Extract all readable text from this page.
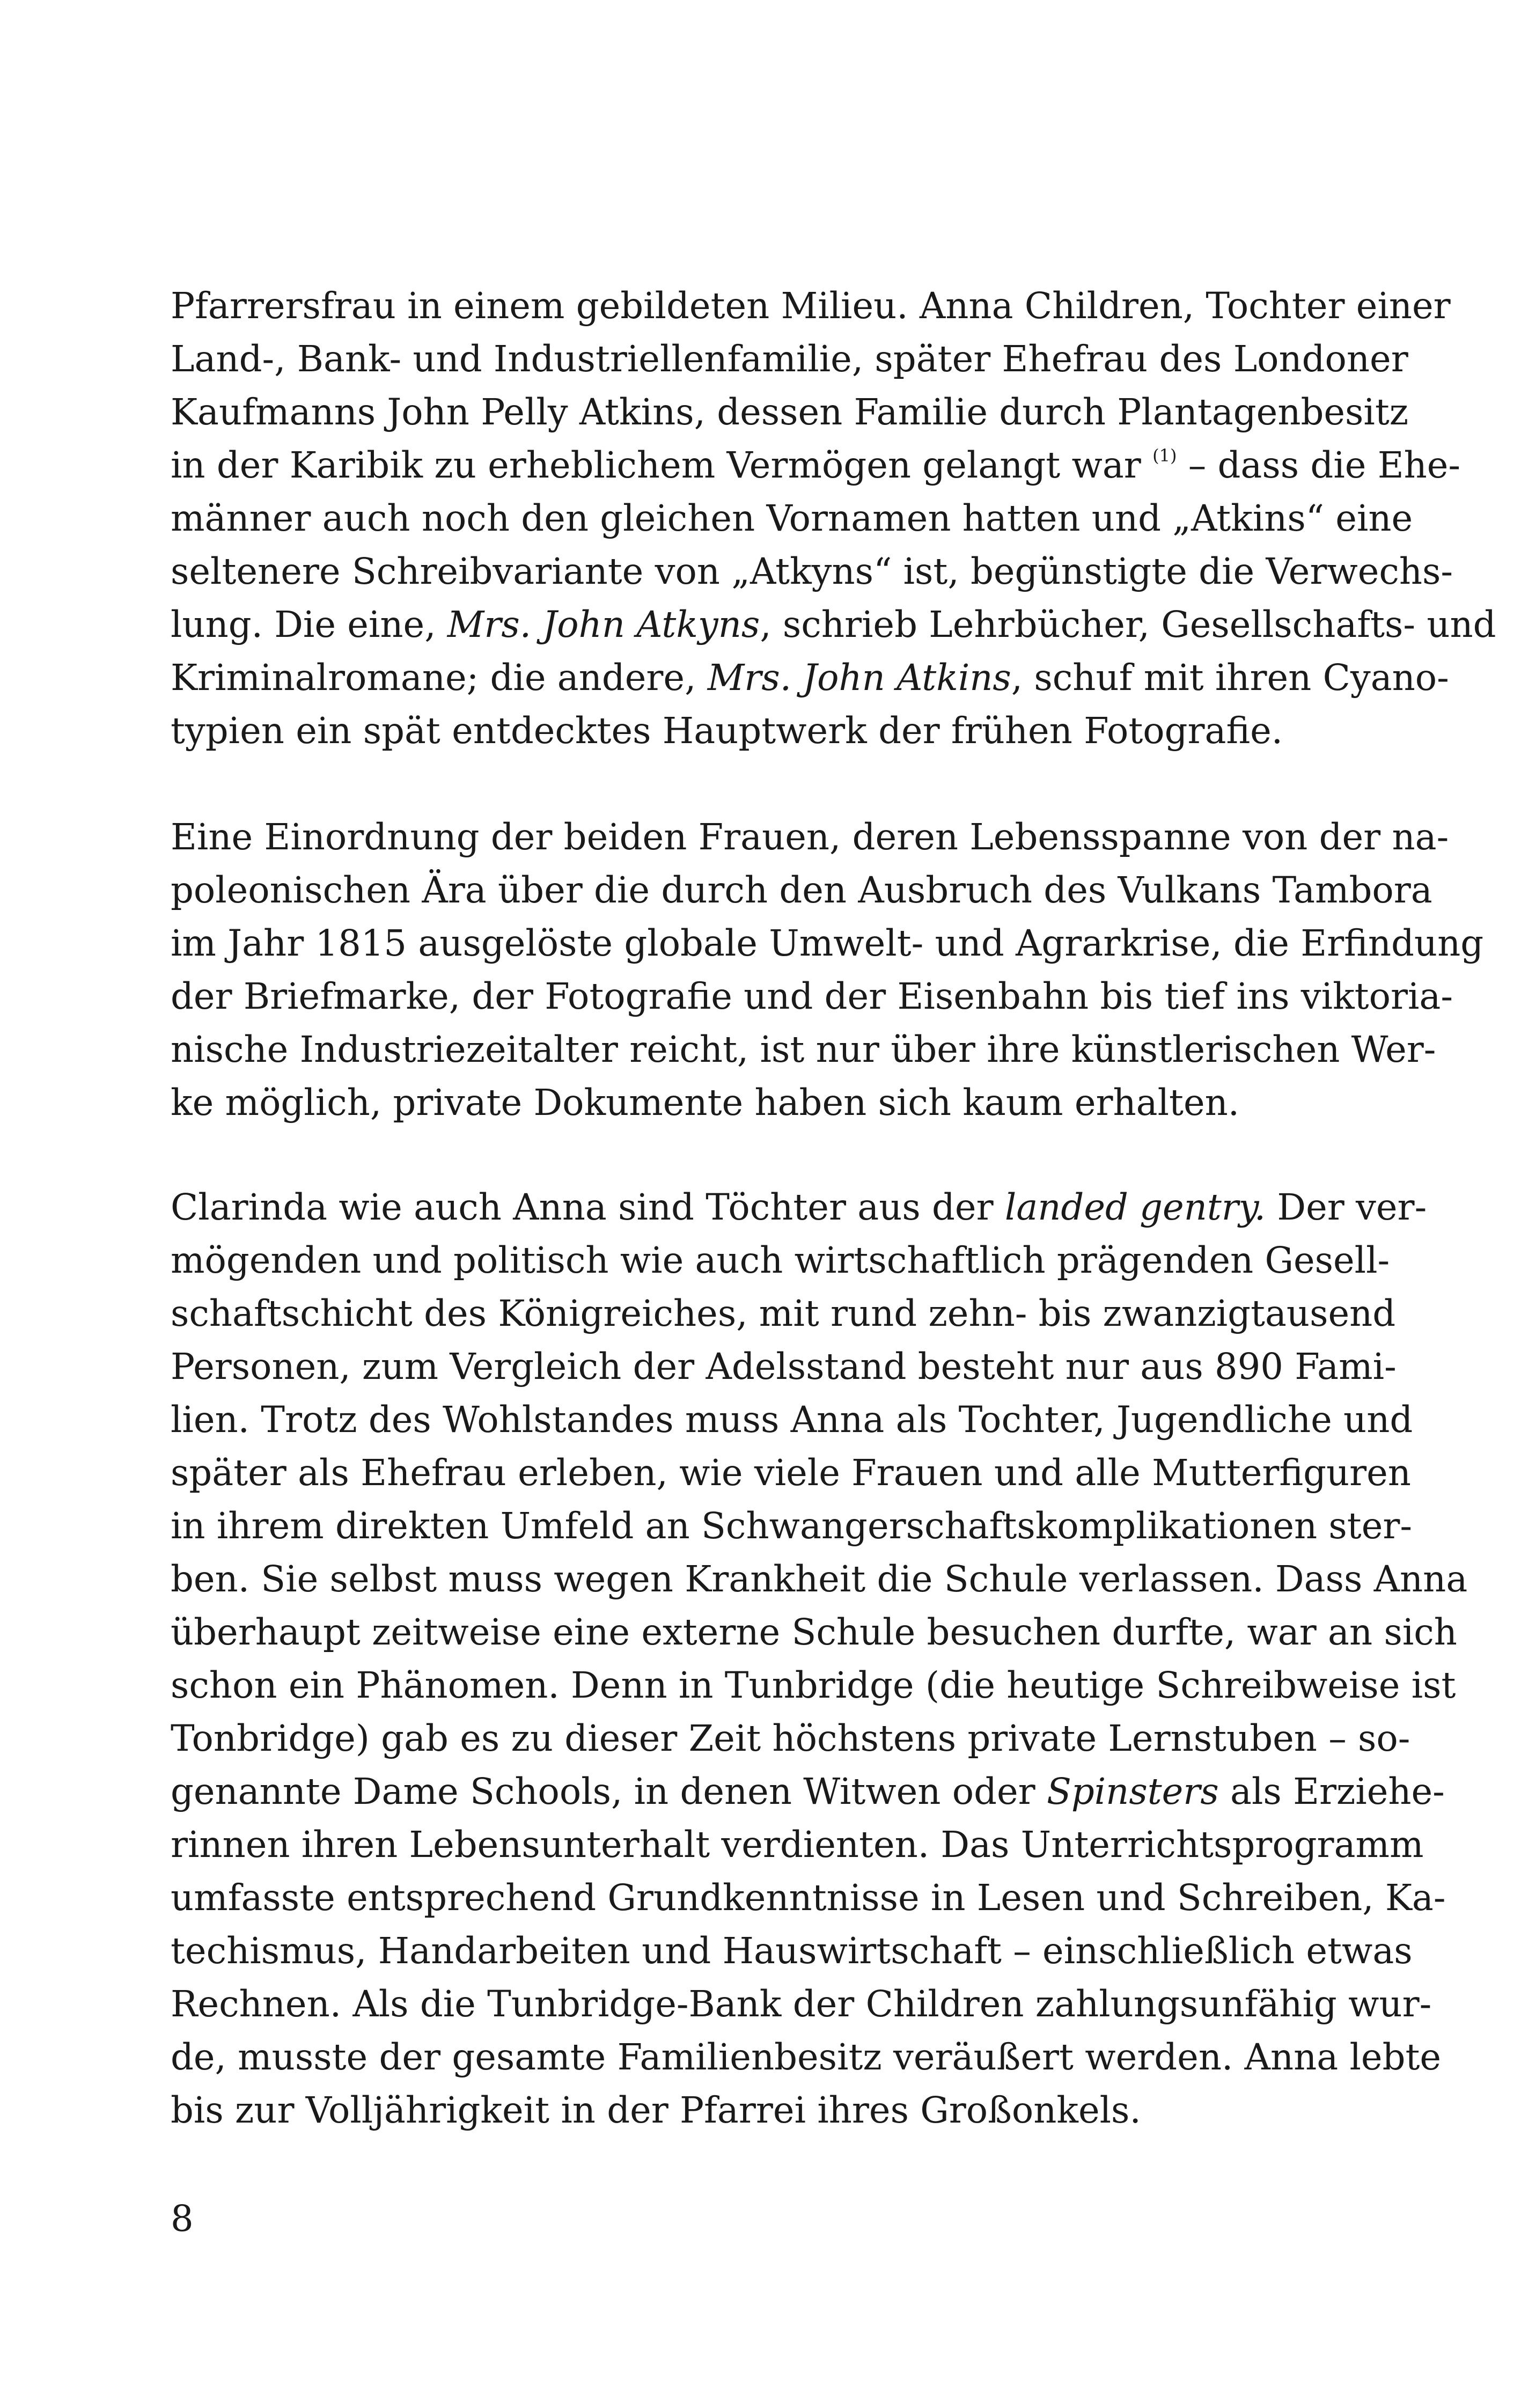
Pfarrersfrau in einem gebildeten Milieu. Anna Children, Tochter einer
Land-, Bank- und Industriellenfamilie, später Ehefrau des Londoner
Kaufmanns John Pelly Atkins, dessen Familie durch Plantagenbesitz
in der Karibik zu erheblichem Vermögen gelangt war $^{(1)}$ – dass die Ehe-
männer auch noch den gleichen Vornamen hatten und „Atkins“ eine
seltenere Schreibvariante von „Atkyns“ ist, begünstigte die Verwechs-
lung. Die eine, Mrs. John Atkyns, schrieb Lehrbücher, Gesellschafts- und
Kriminalromane; die andere, Mrs. John Atkins, schuf mit ihren Cyano-
typien ein spät entdecktes Hauptwerk der frühen Fotografie.
Eine Einordnung der beiden Frauen, deren Lebensspanne von der na-
poleonischen Ära über die durch den Ausbruch des Vulkans Tambora
im Jahr 1815 ausgelöste globale Umwelt- und Agrarkrise, die Erfindung
der Briefmarke, der Fotografie und der Eisenbahn bis tief ins viktoria-
nische Industriezeitalter reicht, ist nur über ihre künstlerischen Wer-
ke möglich, private Dokumente haben sich kaum erhalten.
Clarinda wie auch Anna sind Töchter aus der landed gentry. Der ver-
mögenden und politisch wie auch wirtschaftlich prägenden Gesell-
schaftschicht des Königreiches, mit rund zehn- bis zwanzigtausend
Personen, zum Vergleich der Adelsstand besteht nur aus 890 Fami-
lien. Trotz des Wohlstandes muss Anna als Tochter, Jugendliche und
später als Ehefrau erleben, wie viele Frauen und alle Mutterfiguren
in ihrem direkten Umfeld an Schwangerschaftskomplikationen ster-
ben. Sie selbst muss wegen Krankheit die Schule verlassen. Dass Anna
überhaupt zeitweise eine externe Schule besuchen durfte, war an sich
schon ein Phänomen. Denn in Tunbridge (die heutige Schreibweise ist
Tonbridge) gab es zu dieser Zeit höchstens private Lernstuben – so-
genannte Dame Schools, in denen Witwen oder Spinsters als Erziehe-
rinnen ihren Lebensunterhalt verdienten. Das Unterrichtsprogramm
umfasste entsprechend Grundkenntnisse in Lesen und Schreiben, Ka-
techismus, Handarbeiten und Hauswirtschaft – einschließlich etwas
Rechnen. Als die Tunbridge-Bank der Children zahlungsunfähig wur-
de, musste der gesamte Familienbesitz veräußert werden. Anna lebte
bis zur Volljährigkeit in der Pfarrei ihres Großonkels.
8
